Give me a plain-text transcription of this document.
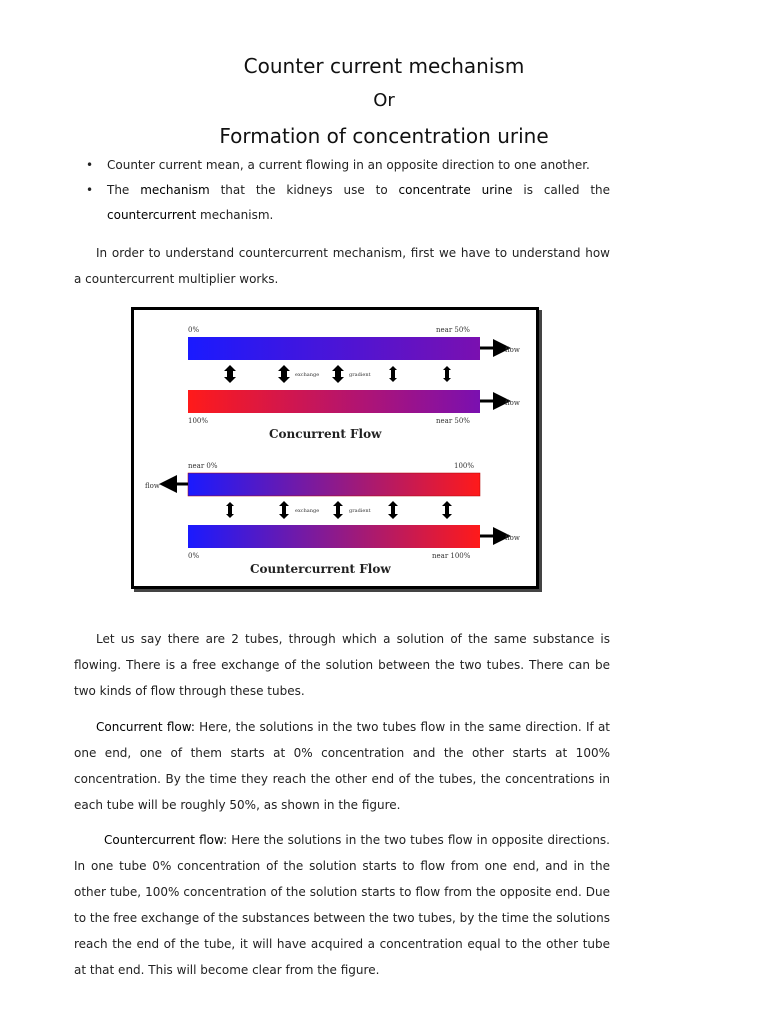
Counter current mechanism
Or
Formation of concentration urine
• Counter current mean, a current flowing in an opposite direction to one another.
• The mechanism that the kidneys use to concentrate urine is called the countercurrent mechanism.
In order to understand countercurrent mechanism, first we have to understand how a countercurrent multiplier works.
0%	near 50%
flow
exchange	gradient
flow
100%	near 50%
Concurrent Flow
near 0%	100%
flow
exchange	gradient
flow
0%	near 100%
Countercurrent Flow
Let us say there are 2 tubes, through which a solution of the same substance is flowing. There is a free exchange of the solution between the two tubes. There can be two kinds of flow through these tubes.
Concurrent flow: Here, the solutions in the two tubes flow in the same direction. If at one end, one of them starts at 0% concentration and the other starts at 100% concentration. By the time they reach the other end of the tubes, the concentrations in each tube will be roughly 50%, as shown in the figure.
Countercurrent flow: Here the solutions in the two tubes flow in opposite directions. In one tube 0% concentration of the solution starts to flow from one end, and in the other tube, 100% concentration of the solution starts to flow from the opposite end. Due to the free exchange of the substances between the two tubes, by the time the solutions reach the end of the tube, it will have acquired a concentration equal to the other tube at that end. This will become clear from the figure.
